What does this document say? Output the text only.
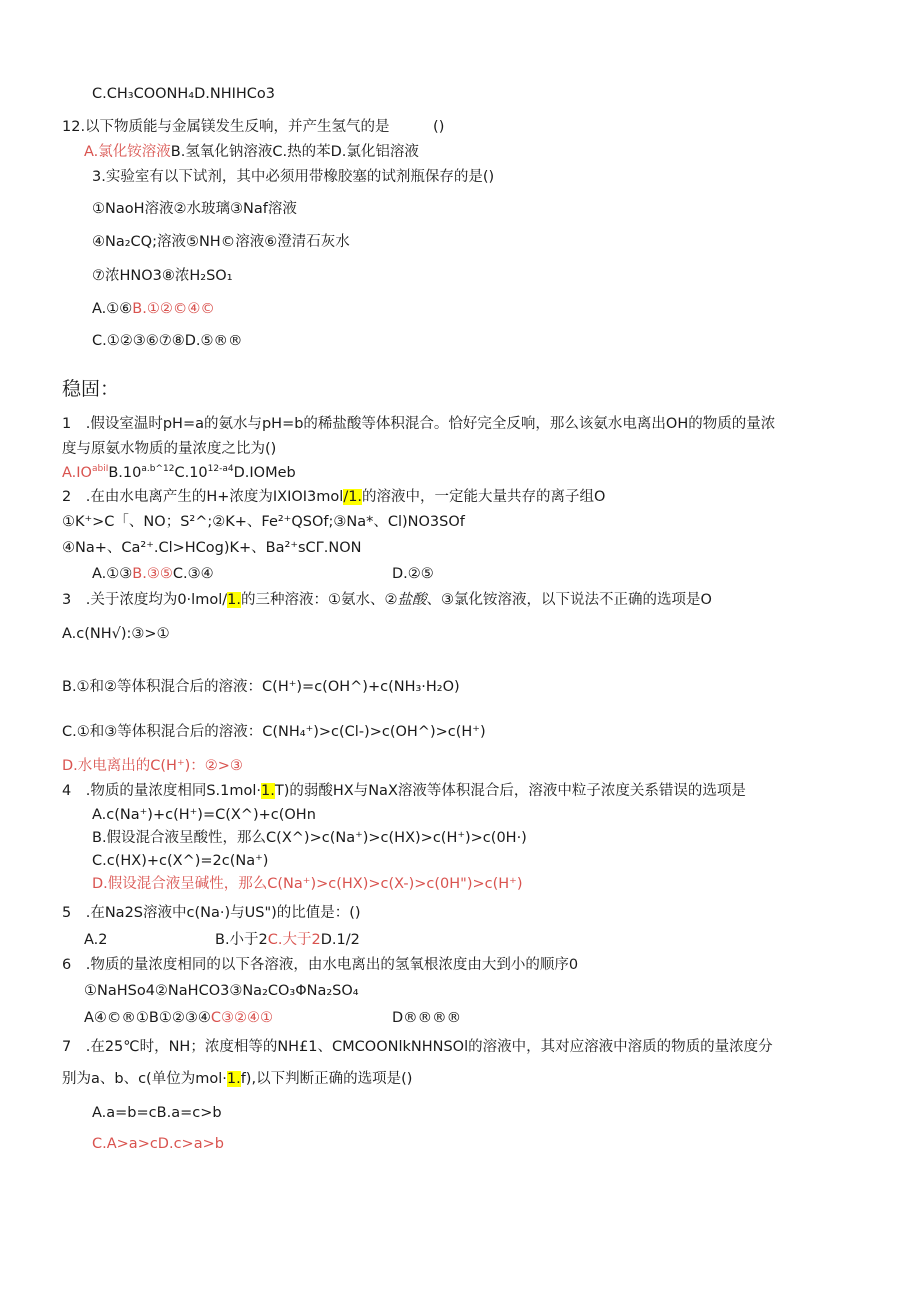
C.CH₃COONH₄D.NHIHCo3
12.以下物质能与金属镁发生反响，并产生氢气的是　　　()
A.氯化铵溶液B.氢氧化钠溶液C.热的苯D.氯化铝溶液
3.实验室有以下试剂，其中必须用带橡胶塞的试剂瓶保存的是()
①NaoH溶液②水玻璃③Naf溶液
④Na₂CQ;溶液⑤NH©溶液⑥澄清石灰水
⑦浓HNO3⑧浓H₂SO₁
A.①⑥B.①②©④©
C.①②③⑥⑦⑧D.⑤®®
稳固：
1　.假设室温时pH=a的氨水与pH=b的稀盐酸等体积混合。恰好完全反响，那么该氨水电离出OH的物质的量浓
度与原氨水物质的量浓度之比为()
$A.IO^{abiI}B.10^{a.b\^{}12}C.10^{12-a4}D.IOMeb$
2　.在由水电离产生的H+浓度为IXIOI3mol/1.的溶液中，一定能大量共存的离子组O
①K⁺>C「、NO；S²^;②K+、Fe²⁺QSOf;③Na*、Cl)NO3SOf
④Na+、Ca²⁺.Cl>HCog)K+、Ba²⁺sCΓ.NON
A.①③B.③⑤C.③④	D.②⑤
3　.关于浓度均为0·lmol/1.的三种溶液：①氨水、②盐酸、③氯化铵溶液，以下说法不正确的选项是O
A.c(NH√):③>①
B.①和②等体积混合后的溶液：C(H⁺)=c(OH^)+c(NH₃·H₂O)
C.①和③等体积混合后的溶液：C(NH₄⁺)>c(Cl-)>c(OH^)>c(H⁺)
D.水电离出的C(H⁺)：②>③
4　.物质的量浓度相同S.1mol·1.T)的弱酸HX与NaX溶液等体积混合后，溶液中粒子浓度关系错误的选项是
A.c(Na⁺)+c(H⁺)=C(X^)+c(OHn
B.假设混合液呈酸性，那么C(X^)>c(Na⁺)>c(HX)>c(H⁺)>c(0H·)
C.c(HX)+c(X^)=2c(Na⁺)
D.假设混合液呈碱性，那么C(Na⁺)>c(HX)>c(X-)>c(0H")>c(H⁺)
5　.在Na2S溶液中c(Na·)与US")的比值是：()
A.2	B.小于2C.大于2D.1/2
6　.物质的量浓度相同的以下各溶液，由水电离出的氢氧根浓度由大到小的顺序0
①NaHSo4②NaHCO3③Na₂CO₃ΦNa₂SO₄
A④©®①B①②③④C③②④①	D®®®®
7　.在25℃时，NH；浓度相等的NH£1、CMCOONlkNHNSOl的溶液中，其对应溶液中溶质的物质的量浓度分
别为a、b、c(单位为mol·1.f),以下判断正确的选项是()
A.a=b=cB.a=c>b
C.A>a>cD.c>a>b
